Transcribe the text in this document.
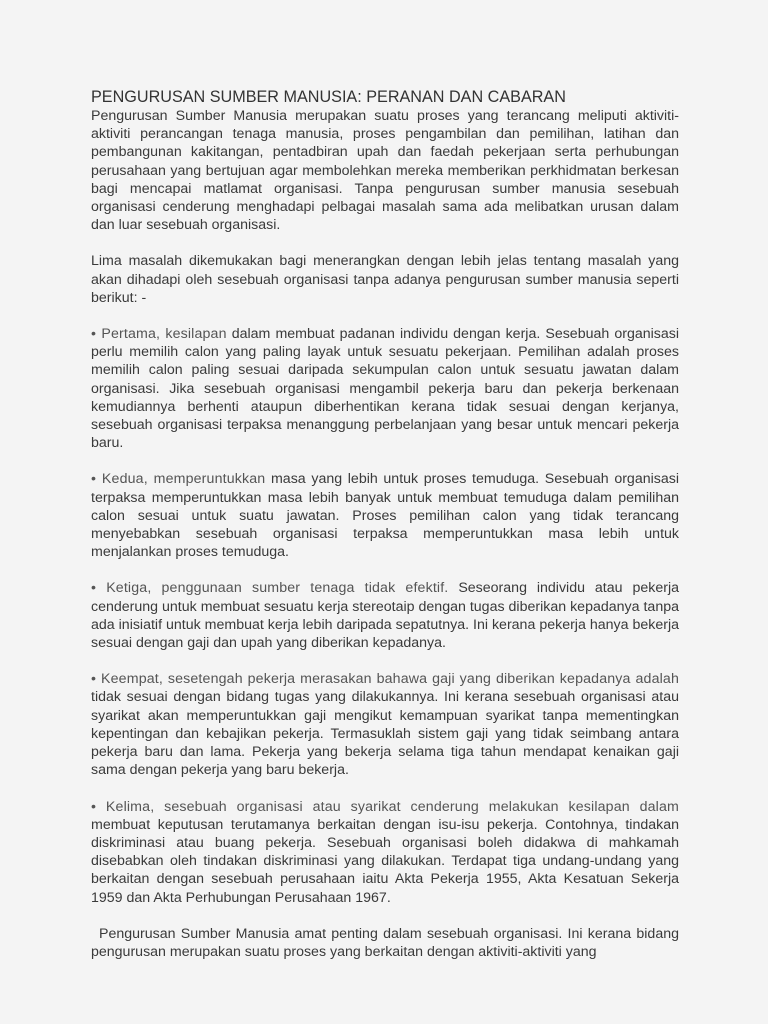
PENGURUSAN SUMBER MANUSIA: PERANAN DAN CABARAN

Pengurusan Sumber Manusia merupakan suatu proses yang terancang meliputi aktiviti-aktiviti perancangan tenaga manusia, proses pengambilan dan pemilihan, latihan dan pembangunan kakitangan, pentadbiran upah dan faedah pekerjaan serta perhubungan perusahaan yang bertujuan agar membolehkan mereka memberikan perkhidmatan berkesan bagi mencapai matlamat organisasi. Tanpa pengurusan sumber manusia sesebuah organisasi cenderung menghadapi pelbagai masalah sama ada melibatkan urusan dalam dan luar sesebuah organisasi.

Lima masalah dikemukakan bagi menerangkan dengan lebih jelas tentang masalah yang akan dihadapi oleh sesebuah organisasi tanpa adanya pengurusan sumber manusia seperti berikut: -

• Pertama, kesilapan dalam membuat padanan individu dengan kerja. Sesebuah organisasi perlu memilih calon yang paling layak untuk sesuatu pekerjaan. Pemilihan adalah proses memilih calon paling sesuai daripada sekumpulan calon untuk sesuatu jawatan dalam organisasi. Jika sesebuah organisasi mengambil pekerja baru dan pekerja berkenaan kemudiannya berhenti ataupun diberhentikan kerana tidak sesuai dengan kerjanya, sesebuah organisasi terpaksa menanggung perbelanjaan yang besar untuk mencari pekerja baru.

• Kedua, memperuntukkan masa yang lebih untuk proses temuduga. Sesebuah organisasi terpaksa memperuntukkan masa lebih banyak untuk membuat temuduga dalam pemilihan calon sesuai untuk suatu jawatan. Proses pemilihan calon yang tidak terancang menyebabkan sesebuah organisasi terpaksa memperuntukkan masa lebih untuk menjalankan proses temuduga.

• Ketiga, penggunaan sumber tenaga tidak efektif. Seseorang individu atau pekerja cenderung untuk membuat sesuatu kerja stereotaip dengan tugas diberikan kepadanya tanpa ada inisiatif untuk membuat kerja lebih daripada sepatutnya. Ini kerana pekerja hanya bekerja sesuai dengan gaji dan upah yang diberikan kepadanya.

• Keempat, sesetengah pekerja merasakan bahawa gaji yang diberikan kepadanya adalah tidak sesuai dengan bidang tugas yang dilakukannya. Ini kerana sesebuah organisasi atau syarikat akan memperuntukkan gaji mengikut kemampuan syarikat tanpa mementingkan kepentingan dan kebajikan pekerja. Termasuklah sistem gaji yang tidak seimbang antara pekerja baru dan lama. Pekerja yang bekerja selama tiga tahun mendapat kenaikan gaji sama dengan pekerja yang baru bekerja.

• Kelima, sesebuah organisasi atau syarikat cenderung melakukan kesilapan dalam membuat keputusan terutamanya berkaitan dengan isu-isu pekerja. Contohnya, tindakan diskriminasi atau buang pekerja. Sesebuah organisasi boleh didakwa di mahkamah disebabkan oleh tindakan diskriminasi yang dilakukan. Terdapat tiga undang-undang yang berkaitan dengan sesebuah perusahaan iaitu Akta Pekerja 1955, Akta Kesatuan Sekerja 1959 dan Akta Perhubungan Perusahaan 1967.

Pengurusan Sumber Manusia amat penting dalam sesebuah organisasi. Ini kerana bidang pengurusan merupakan suatu proses yang berkaitan dengan aktiviti-aktiviti yang
